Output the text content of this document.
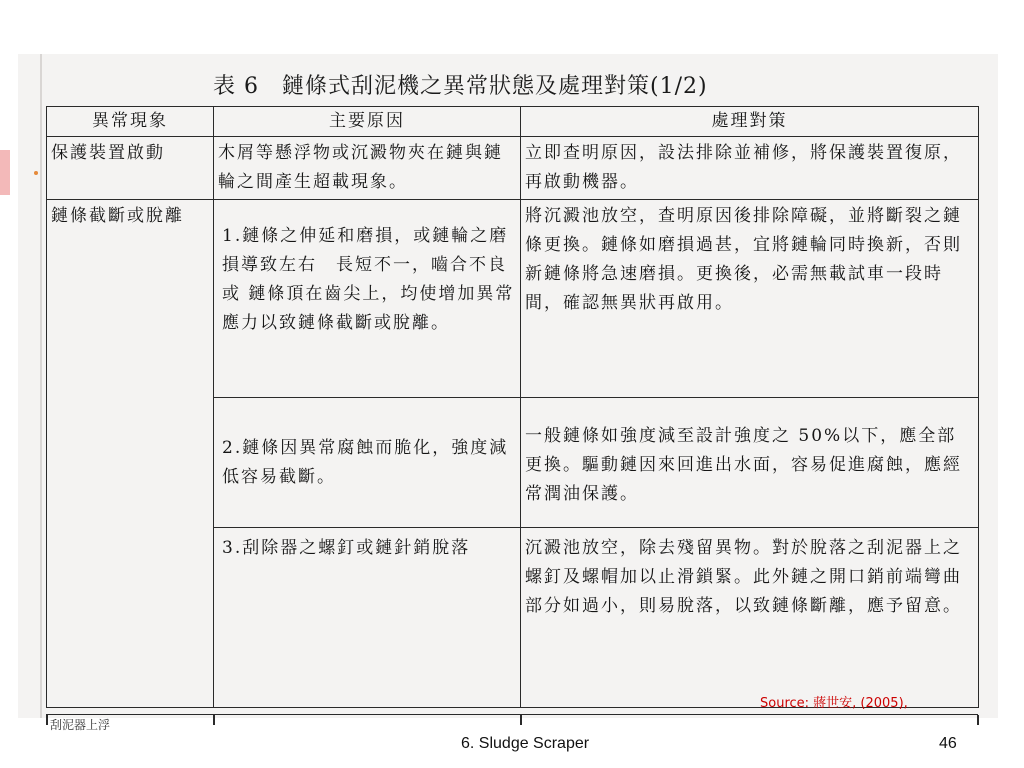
表 6　鏈條式刮泥機之異常狀態及處理對策(1/2)
異常現象	主要原因	處理對策
保護裝置啟動	木屑等懸浮物或沉澱物夾在鏈與鏈輪之間產生超載現象。	立即查明原因，設法排除並補修，將保護裝置復原，再啟動機器。
鏈條截斷或脫離	1.鏈條之伸延和磨損，或鏈輪之磨損導致左右　長短不一，嚙合不良或 鏈條頂在齒尖上，均使增加異常應力以致鏈條截斷或脫離。	將沉澱池放空，查明原因後排除障礙，並將斷裂之鏈條更換。鏈條如磨損過甚，宜將鏈輪同時換新，否則新鏈條將急速磨損。更換後，必需無載試車一段時間，確認無異狀再啟用。
	2.鏈條因異常腐蝕而脆化，強度減低容易截斷。	一般鏈條如強度減至設計強度之 50%以下，應全部更換。驅動鏈因來回進出水面，容易促進腐蝕，應經常潤油保護。
	3.刮除器之螺釘或鏈針銷脫落	沉澱池放空，除去殘留異物。對於脫落之刮泥器上之螺釘及螺帽加以止滑鎖緊。此外鏈之開口銷前端彎曲部分如過小，則易脫落，以致鏈條斷離，應予留意。
刮泥器上浮
Source: 蔣世安, (2005),
6. Sludge Scraper	46
